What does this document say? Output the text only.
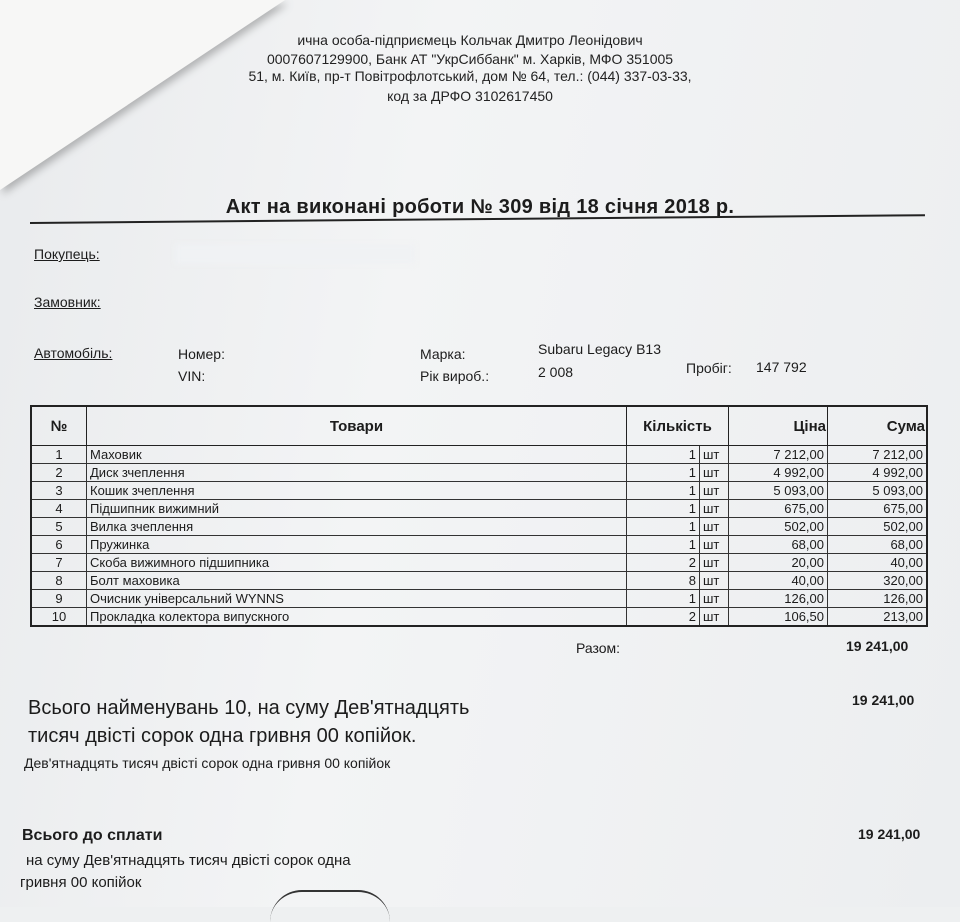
ична особа-підприємець Кольчак Дмитро Леонідович
0007607129900, Банк АТ "УкрСиббанк" м. Харків, МФО 351005
51, м. Київ, пр-т Повітрофлотський, дом № 64, тел.: (044) 337-03-33,
код за ДРФО 3102617450
Акт на виконані роботи № 309 від 18 січня 2018 р.
Покупець:
Замовник:
Автомобіль:	Номер:
VIN:
Марка:	Subaru Legacy B13
Рік вироб.:	2 008	Пробіг: 147 792
№	Товари	Кількість		Ціна	Сума
1	Маховик	1	шт	7 212,00	7 212,00
2	Диск зчеплення	1	шт	4 992,00	4 992,00
3	Кошик зчеплення	1	шт	5 093,00	5 093,00
4	Підшипник вижимний	1	шт	675,00	675,00
5	Вилка зчеплення	1	шт	502,00	502,00
6	Пружинка	1	шт	68,00	68,00
7	Скоба вижимного підшипника	2	шт	20,00	40,00
8	Болт маховика	8	шт	40,00	320,00
9	Очисник універсальний WYNNS	1	шт	126,00	126,00
10	Прокладка колектора випускного	2	шт	106,50	213,00
Разом:	19 241,00
Всього найменувань 10, на суму Дев'ятнадцять
тисяч двісті сорок одна гривня 00 копійок.
19 241,00
Дев'ятнадцять тисяч двісті сорок одна гривня 00 копійок
Всього до сплати	19 241,00
на суму Дев'ятнадцять тисяч двісті сорок одна
гривня 00 копійок
